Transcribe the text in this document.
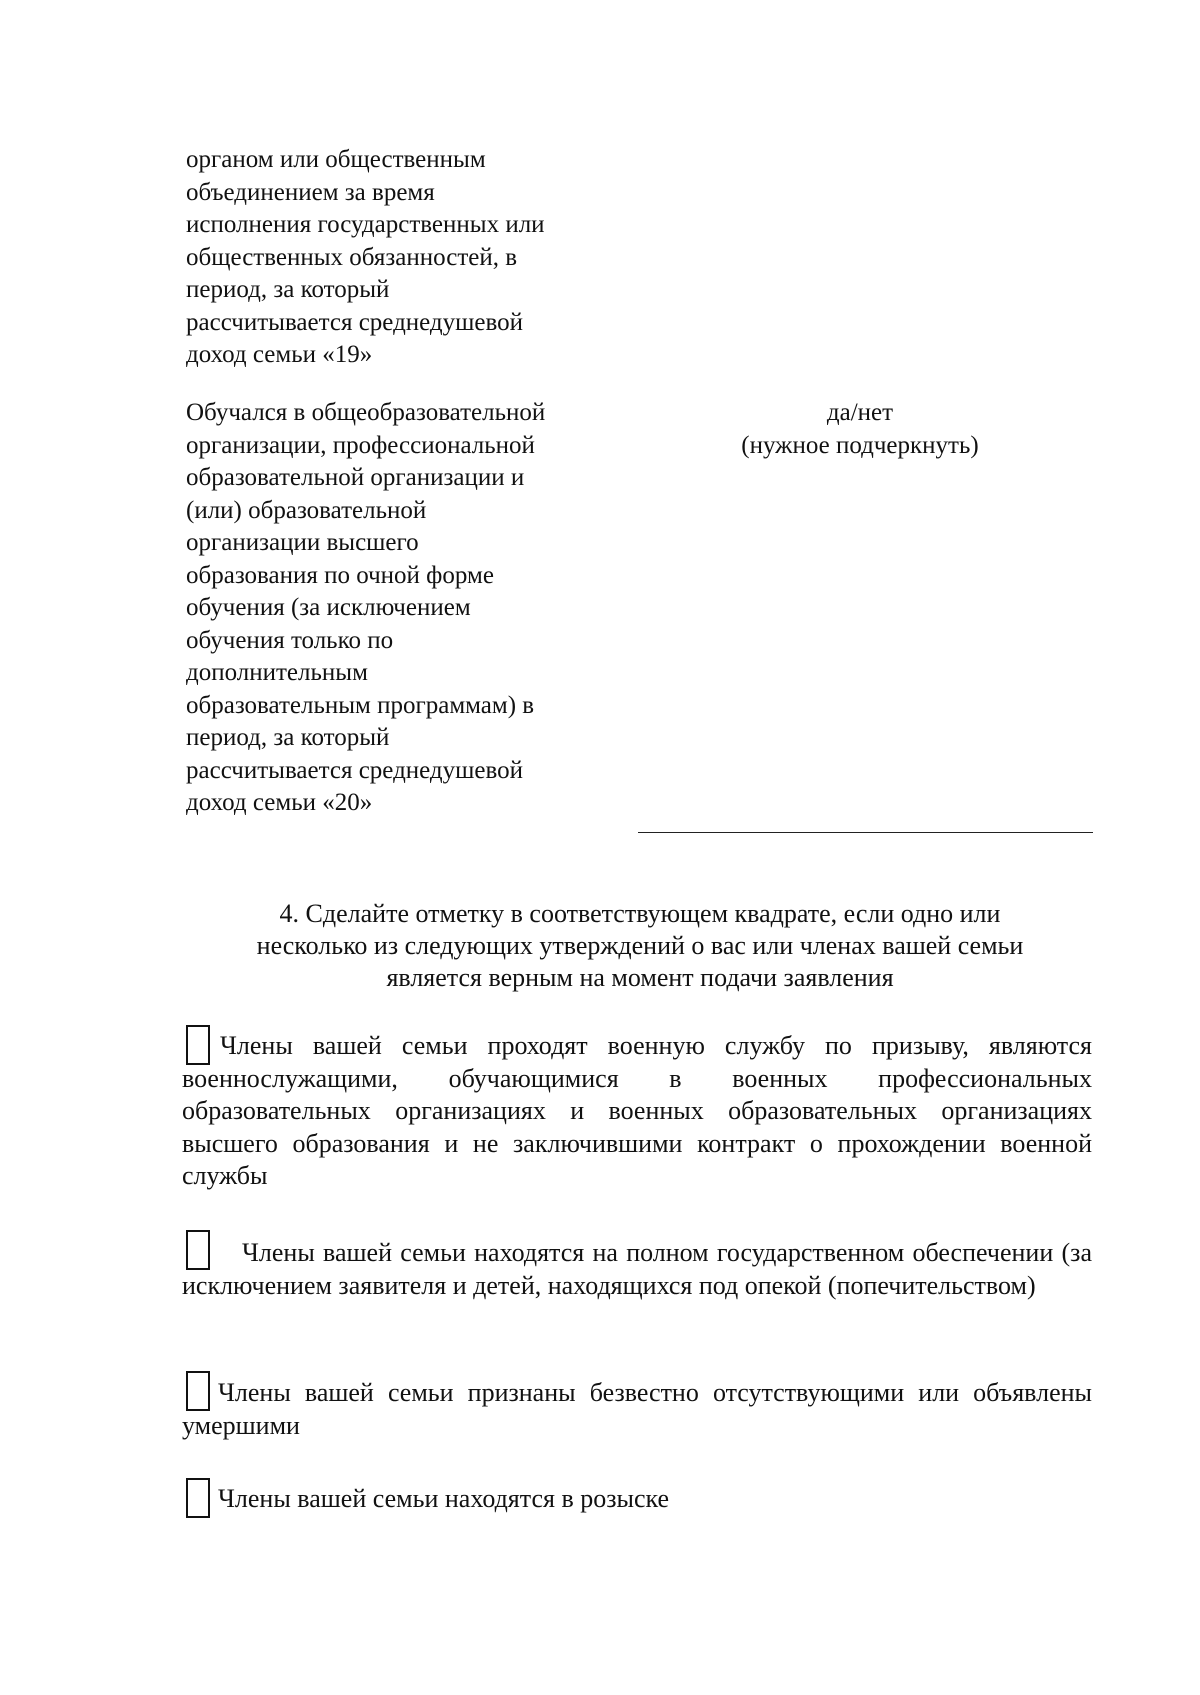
органом или общественным
объединением за время
исполнения государственных или
общественных обязанностей, в
период, за который
рассчитывается среднедушевой
доход семьи «19»
Обучался в общеобразовательной
организации, профессиональной
образовательной организации и
(или) образовательной
организации высшего
образования по очной форме
обучения (за исключением
обучения только по
дополнительным
образовательным программам) в
период, за который
рассчитывается среднедушевой
доход семьи «20»
да/нет
(нужное подчеркнуть)
4. Сделайте отметку в соответствующем квадрате, если одно или
несколько из следующих утверждений о вас или членах вашей семьи
является верным на момент подачи заявления
Члены вашей семьи проходят военную службу по призыву, являются военнослужащими, обучающимися в военных профессиональных образовательных организациях и военных образовательных организациях высшего образования и не заключившими контракт о прохождении военной службы
Члены вашей семьи находятся на полном государственном обеспечении (за исключением заявителя и детей, находящихся под опекой (попечительством)
Члены вашей семьи признаны безвестно отсутствующими или объявлены умершими
Члены вашей семьи находятся в розыске
